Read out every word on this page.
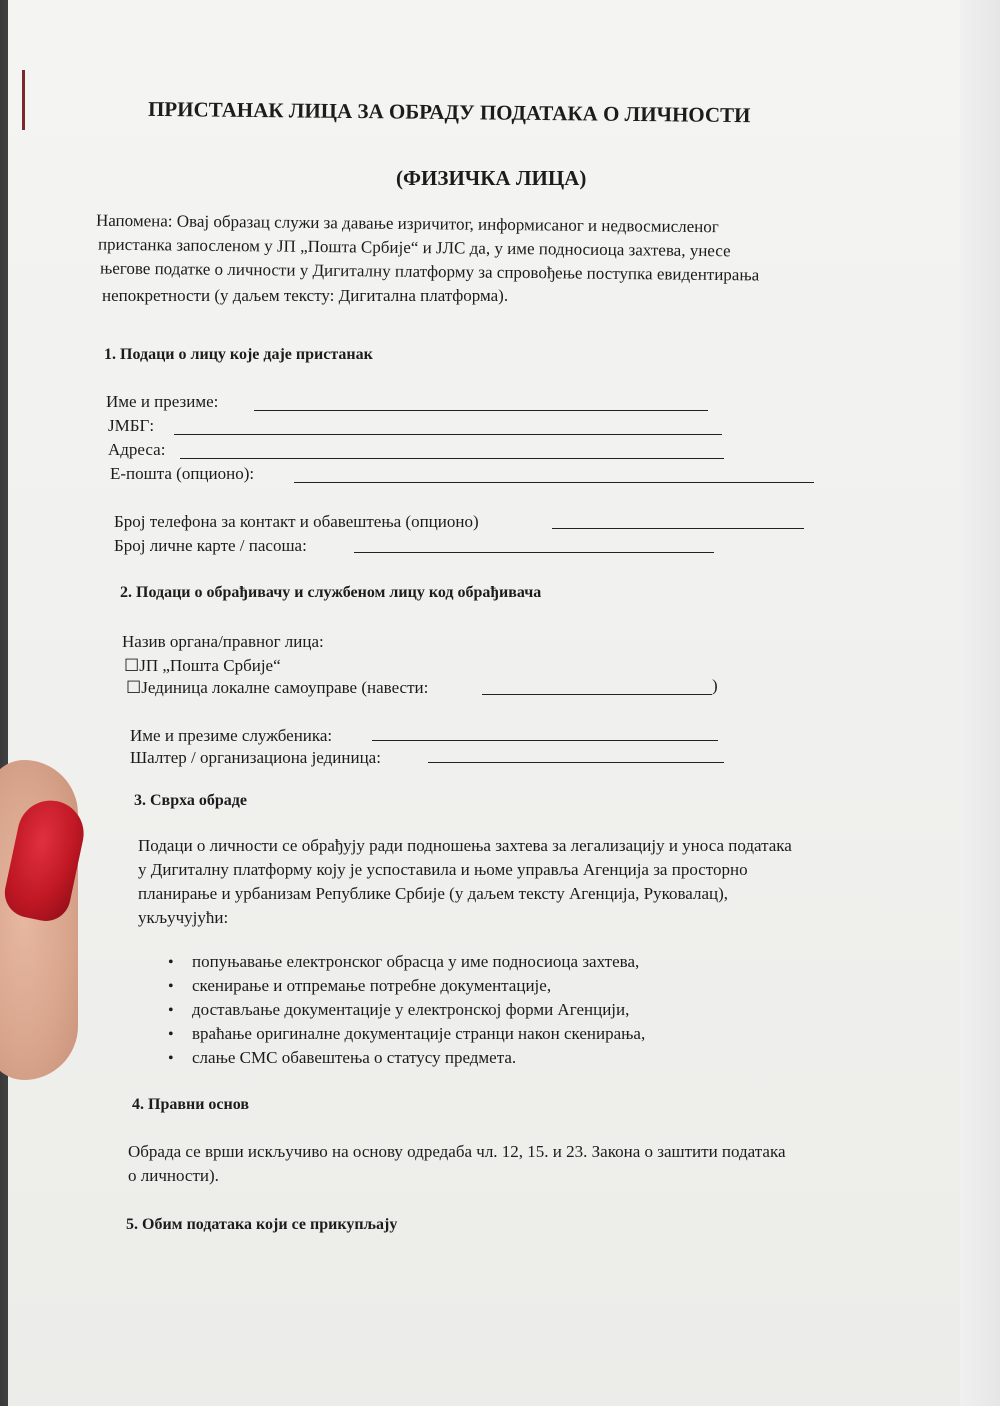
ПРИСТАНАК ЛИЦА ЗА ОБРАДУ ПОДАТАКА О ЛИЧНОСТИ
(ФИЗИЧКА ЛИЦА)
Напомена: Овај образац служи за давање изричитог, информисаног и недвосмисленог
пристанка запосленом у ЈП „Пошта Србије“ и ЈЛС да, у име подносиоца захтева, унесе
његове податке о личности у Дигиталну платформу за спровођење поступка евидентирања
непокретности (у даљем тексту: Дигитална платформа).
1. Подаци о лицу које даје пристанак
Име и презиме:
ЈМБГ:
Адреса:
Е-пошта (опционо):
Број телефона за контакт и обавештења (опционо)
Број личне карте / пасоша:
2. Подаци о обрађивачу и службеном лицу код обрађивача
Назив органа/правног лица:
☐ЈП „Пошта Србије“
☐Јединица локалне самоуправе (навести:	)
Име и презиме службеника:
Шалтер / организациона јединица:
3. Сврха обраде
Подаци о личности се обрађују ради подношења захтева за легализацију и уноса података
у Дигиталну платформу коју је успоставила и њоме управља Агенција за просторно
планирање и урбанизам Републике Србије (у даљем тексту Агенција, Руковалац),
укључујући:
• попуњавање електронског обрасца у име подносиоца захтева,
• скенирање и отпремање потребне документације,
• достављање документације у електронској форми Агенцији,
• враћање оригиналне документације странци након скенирања,
• слање СМС обавештења о статусу предмета.
4. Правни основ
Обрада се врши искључиво на основу одредаба чл. 12, 15. и 23. Закона о заштити података
о личности).
5. Обим података који се прикупљају
